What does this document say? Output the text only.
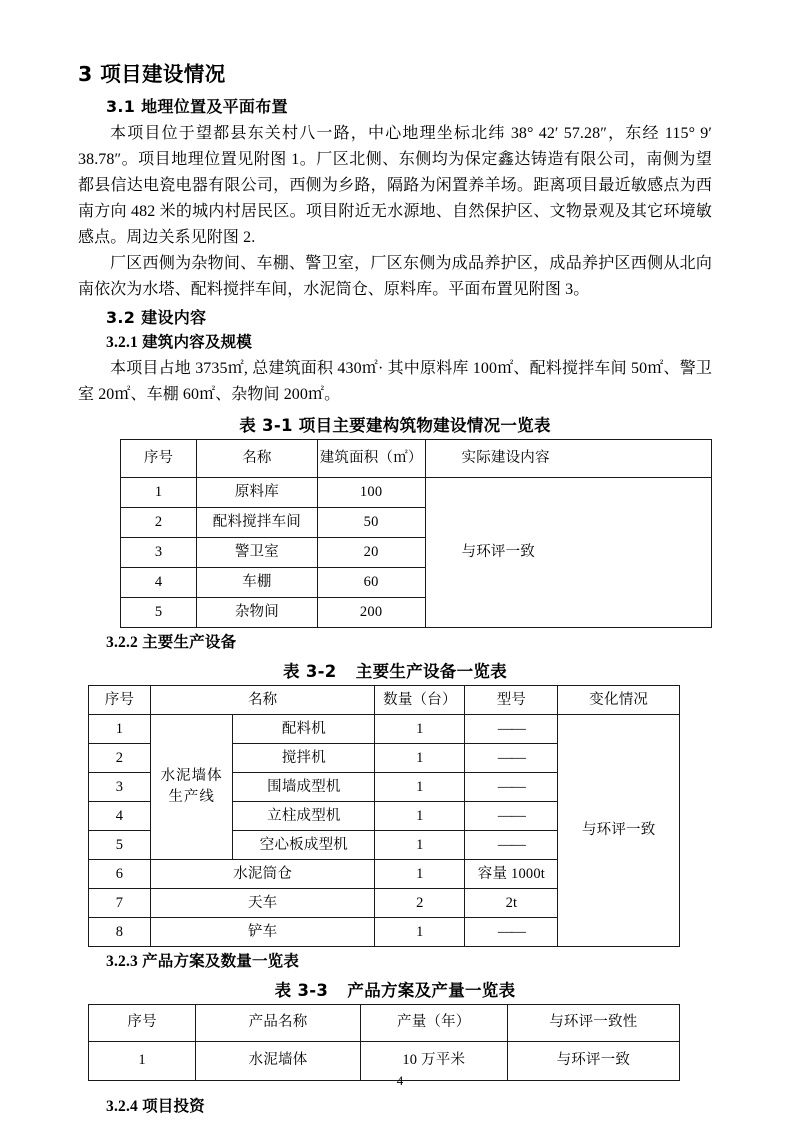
3 项目建设情况
3.1 地理位置及平面布置

本项目位于望都县东关村八一路，中心地理坐标北纬 38° 42′ 57.28″，东经 115° 9′ 38.78″。项目地理位置见附图 1。厂区北侧、东侧均为保定鑫达铸造有限公司，南侧为望都县信达电瓷电器有限公司，西侧为乡路，隔路为闲置养羊场。距离项目最近敏感点为西南方向 482 米的城内村居民区。项目附近无水源地、自然保护区、文物景观及其它环境敏感点。周边关系见附图 2.

厂区西侧为杂物间、车棚、警卫室，厂区东侧为成品养护区，成品养护区西侧从北向南依次为水塔、配料搅拌车间，水泥筒仓、原料库。平面布置见附图 3。

3.2 建设内容
3.2.1 建筑内容及规模

本项目占地 3735㎡, 总建筑面积 430㎡· 其中原料库 100㎡、配料搅拌车间 50㎡、警卫室 20㎡、车棚 60㎡、杂物间 200㎡。

表 3-1 项目主要建构筑物建设情况一览表
序号	名称	建筑面积（㎡）	实际建设内容
1	原料库	100	与环评一致
2	配料搅拌车间	50	
3	警卫室	20	
4	车棚	60	
5	杂物间	200	
3.2.2 主要生产设备
表 3-2 主要生产设备一览表
序号	名称		数量（台）	型号	变化情况
1	水泥墙体生产线	配料机	1	——	与环评一致
2		搅拌机	1	——	
3		围墙成型机	1	——	
4		立柱成型机	1	——	
5		空心板成型机	1	——	
6	水泥筒仓		1	容量 1000t	
7	天车		2	2t	
8	铲车		1	——	
3.2.3 产品方案及数量一览表
表 3-3 产品方案及产量一览表
序号	产品名称	产量（年）	与环评一致性
1	水泥墙体	10 万平米	与环评一致
3.2.4 项目投资
4
